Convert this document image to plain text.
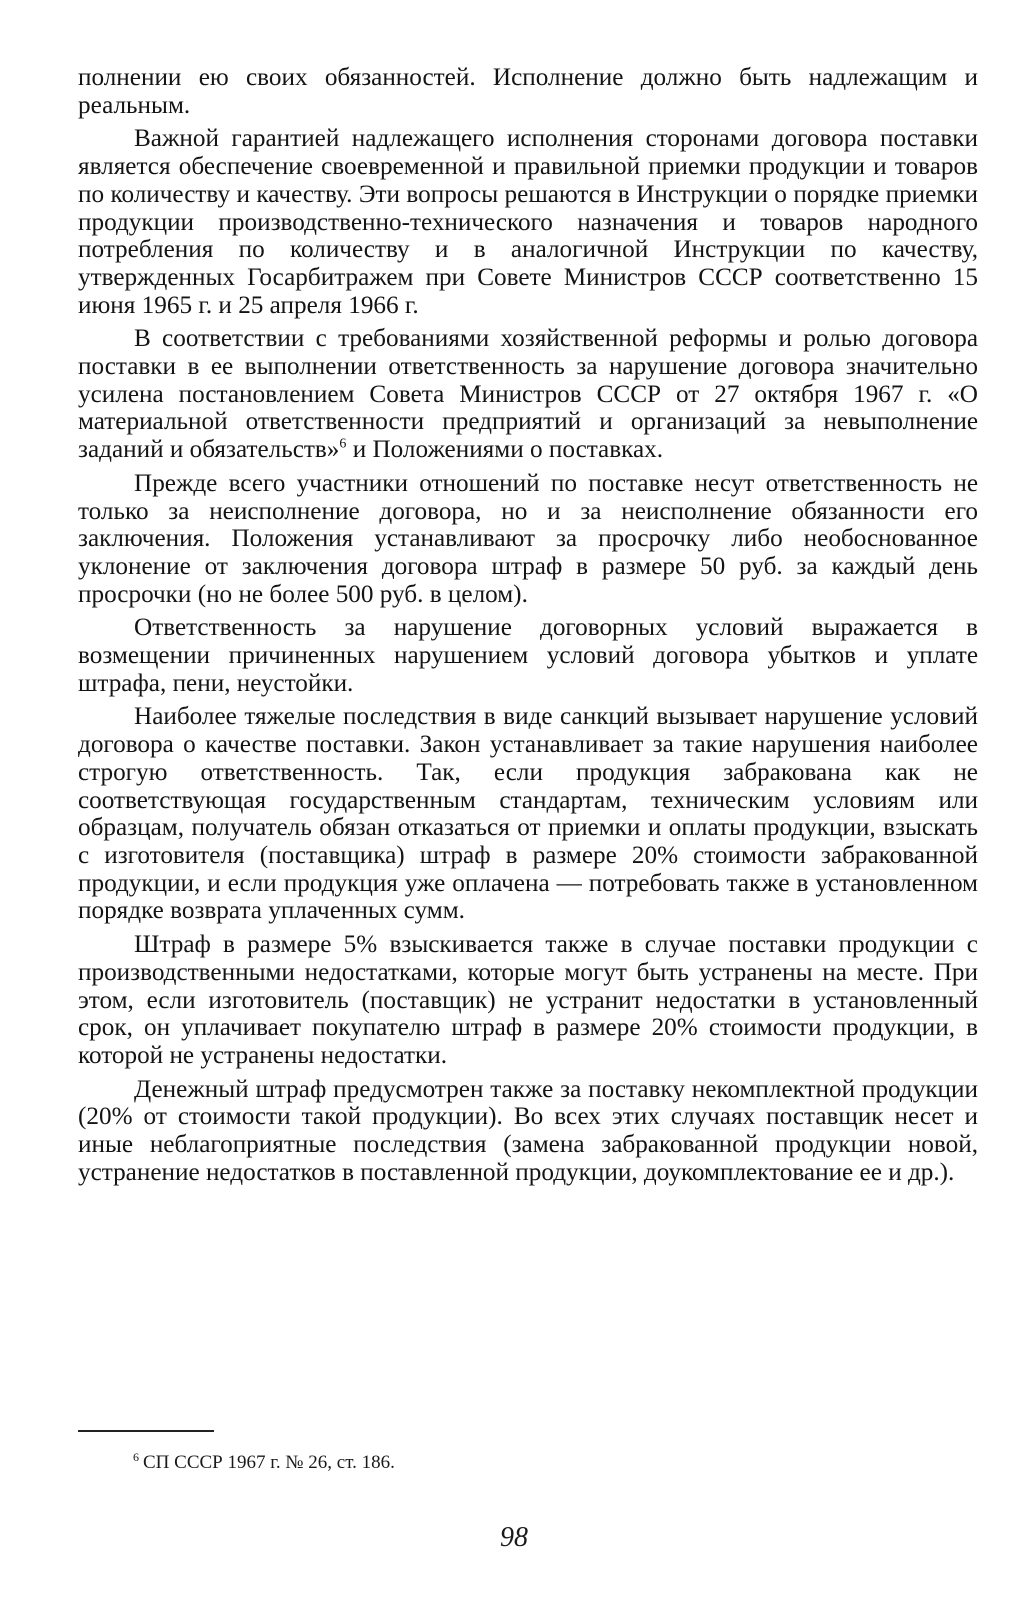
полнении ею своих обязанностей. Исполнение должно быть надлежащим и реальным.

Важной гарантией надлежащего исполнения сторонами договора поставки является обеспечение своевременной и правильной приемки продукции и товаров по количеству и качеству. Эти вопросы решаются в Инструкции о порядке приемки продукции производственно-технического назначения и товаров народного потребления по количеству и в аналогичной Инструкции по качеству, утвержденных Госарбитражем при Совете Министров СССР соответственно 15 июня 1965 г. и 25 апреля 1966 г.

В соответствии с требованиями хозяйственной реформы и ролью договора поставки в ее выполнении ответственность за нарушение договора значительно усилена постановлением Совета Министров СССР от 27 октября 1967 г. «О материальной ответственности предприятий и организаций за невыполнение заданий и обязательств»$^6$ и Положениями о поставках.

Прежде всего участники отношений по поставке несут ответственность не только за неисполнение договора, но и за неисполнение обязанности его заключения. Положения устанавливают за просрочку либо необоснованное уклонение от заключения договора штраф в размере 50 руб. за каждый день просрочки (но не более 500 руб. в целом).

Ответственность за нарушение договорных условий выражается в возмещении причиненных нарушением условий договора убытков и уплате штрафа, пени, неустойки.

Наиболее тяжелые последствия в виде санкций вызывает нарушение условий договора о качестве поставки. Закон устанавливает за такие нарушения наиболее строгую ответственность. Так, если продукция забракована как не соответствующая государственным стандартам, техническим условиям или образцам, получатель обязан отказаться от приемки и оплаты продукции, взыскать с изготовителя (поставщика) штраф в размере 20% стоимости забракованной продукции, и если продукция уже оплачена — потребовать также в установленном порядке возврата уплаченных сумм.

Штраф в размере 5% взыскивается также в случае поставки продукции с производственными недостатками, которые могут быть устранены на месте. При этом, если изготовитель (поставщик) не устранит недостатки в установленный срок, он уплачивает покупателю штраф в размере 20% стоимости продукции, в которой не устранены недостатки.

Денежный штраф предусмотрен также за поставку некомплектной продукции (20% от стоимости такой продукции). Во всех этих случаях поставщик несет и иные неблагоприятные последствия (замена забракованной продукции новой, устранение недостатков в поставленной продукции, доукомплектование ее и др.).

$^6$ СП СССР 1967 г. № 26, ст. 186.
98
